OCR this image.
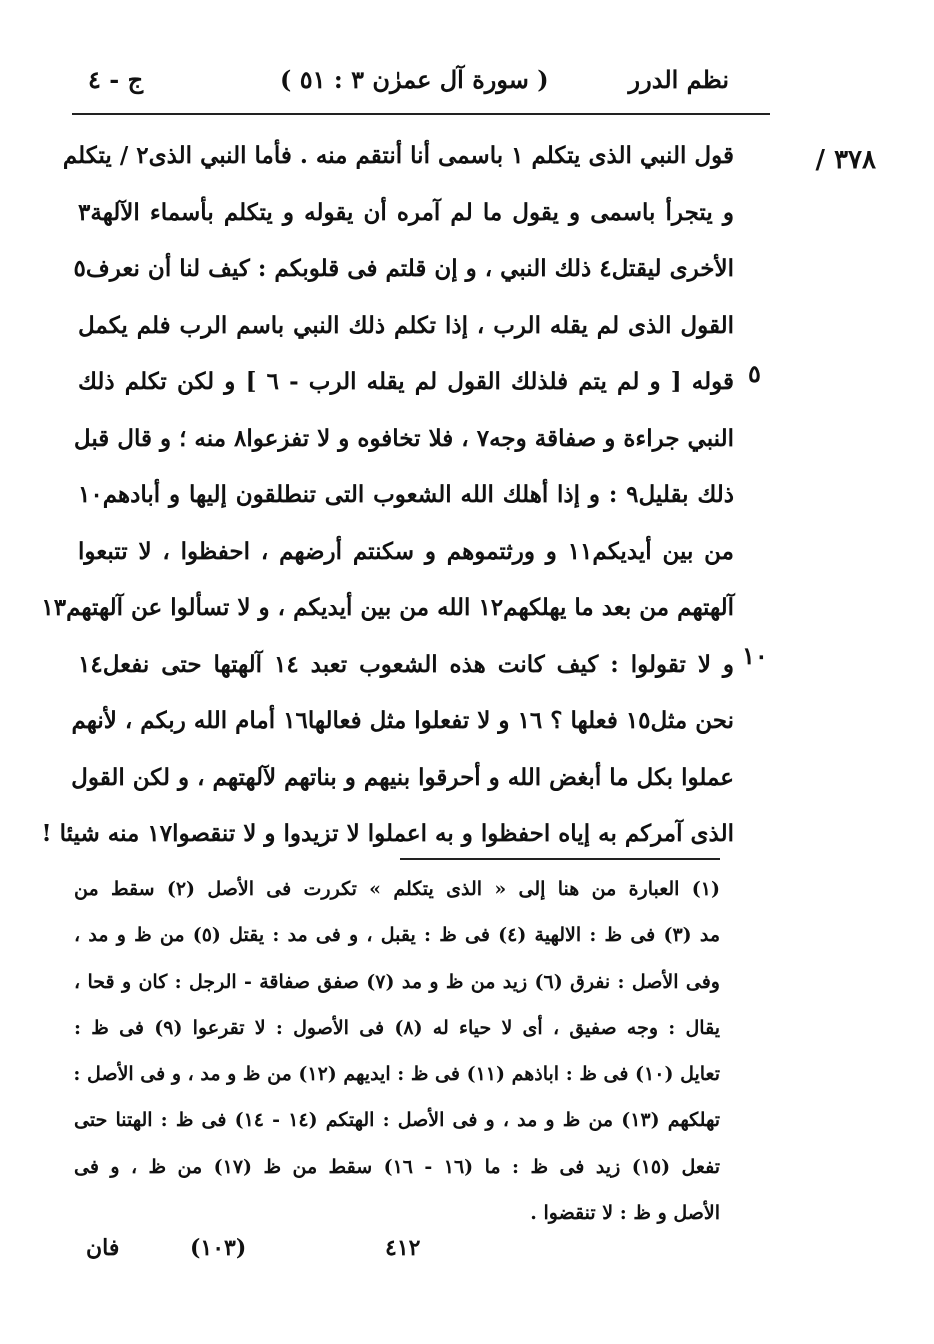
نظم الدرر
( سورة آل عمرٰن ٣ : ٥١ )
ج - ٤
٣٧٨ /
٥
١٠
قول النبي الذى يتكلم ١ باسمى أنا أنتقم منه . فأما النبي الذى٢ / يتكلم
و يتجرأ باسمى و يقول ما لم آمره أن يقوله و يتكلم بأسماء الآلهة٣
الأخرى ليقتل٤ ذلك النبي ، و إن قلتم فى قلوبكم : كيف لنا أن نعرف٥
القول الذى لم يقله الرب ، إذا تكلم ذلك النبي باسم الرب فلم يكمل
قوله [ و لم يتم فلذلك القول لم يقله الرب - ٦ ] و لكن تكلم ذلك
النبي جراءة و صفاقة وجه٧ ، فلا تخافوه و لا تفزعوا٨ منه ؛ و قال قبل
ذلك بقليل٩ : و إذا أهلك الله الشعوب التى تنطلقون إليها و أبادهم١٠
من بين أيديكم١١ و ورثتموهم و سكنتم أرضهم ، احفظوا ، لا تتبعوا
آلهتهم من بعد ما يهلكهم١٢ الله من بين أيديكم ، و لا تسألوا عن آلهتهم١٣
و لا تقولوا : كيف كانت هذه الشعوب تعبد ١٤ آلهتها حتى نفعل١٤
نحن مثل١٥ فعلها ؟ ١٦ و لا تفعلوا مثل فعالها١٦ أمام الله ربكم ، لأنهم
عملوا بكل ما أبغض الله و أحرقوا بنيهم و بناتهم لآلهتهم ، و لكن القول
الذى آمركم به إياه احفظوا و به اعملوا لا تزيدوا و لا تنقصوا١٧ منه شيئا !
(١) العبارة من هنا إلى « الذى يتكلم » تكررت فى الأصل (٢) سقط من
مد (٣) فى ظ : الالهية (٤) فى ظ : يقبل ، و فى مد : يقتل (٥) من ظ و مد ،
وفى الأصل : نفرق (٦) زيد من ظ و مد (٧) صفق صفاقة - الرجل : كان و قحا ،
يقال : وجه صفيق ، أى لا حياء له (٨) فى الأصول : لا تقرعوا (٩) فى ظ :
تعايل (١٠) فى ظ : اباذهم (١١) فى ظ : ايديهم (١٢) من ظ و مد ، و فى الأصل :
تهلكهم (١٣) من ظ و مد ، و فى الأصل : الهتكم (١٤ - ١٤) فى ظ : الهتنا حتى
تفعل (١٥) زيد فى ظ : ما (١٦ - ١٦) سقط من ظ (١٧) من ظ ، و فى
الأصل و ظ : لا تنقضوا .
فان	(١٠٣)	٤١٢
